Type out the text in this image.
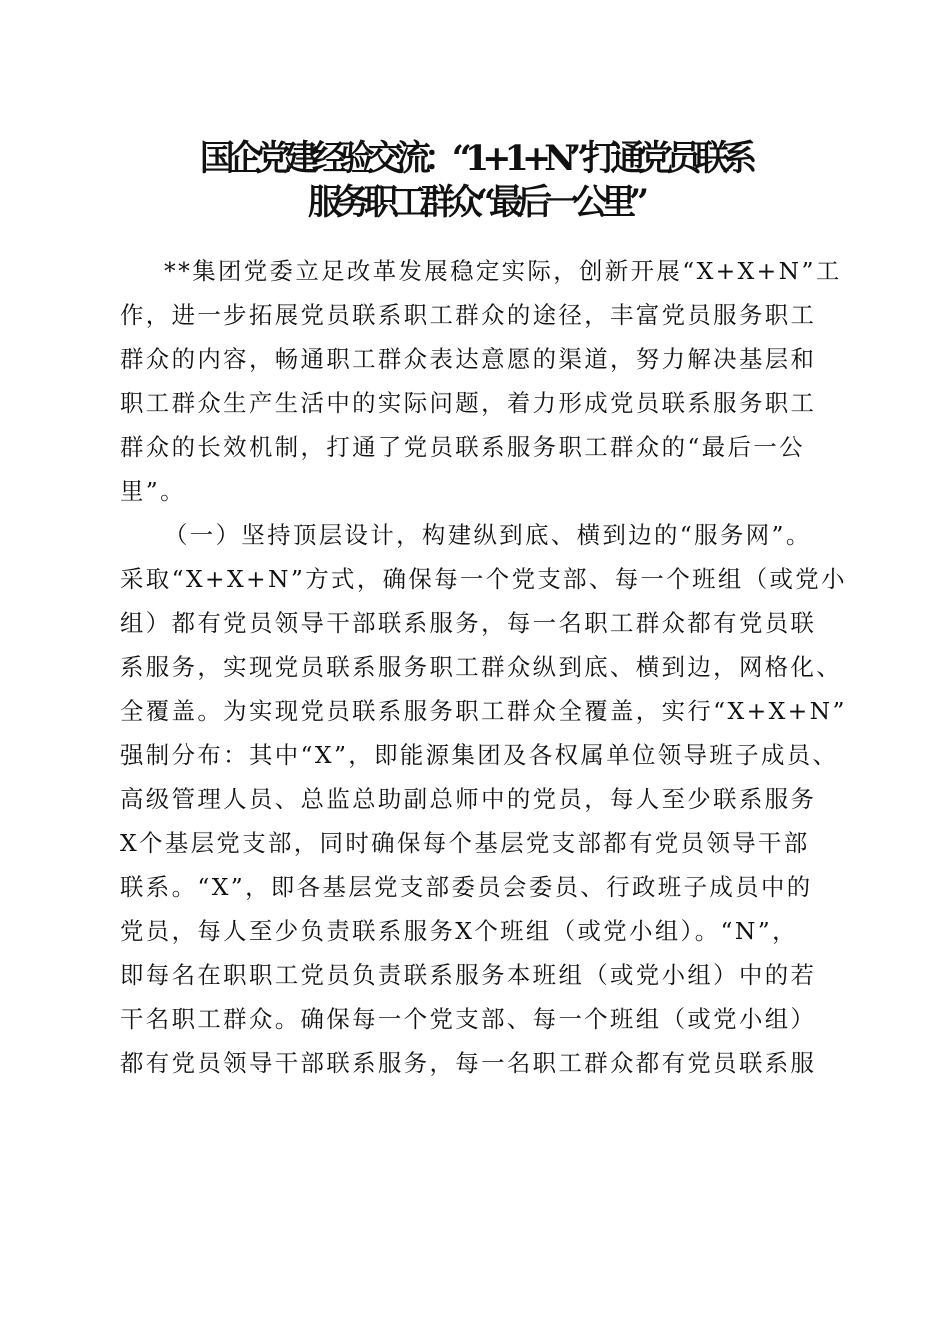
国企党建经验交流：“1+1+N”打通党员联系
服务职工群众“最后一公里”

**集团党委立足改革发展稳定实际，创新开展“X+X+N”工

作，进一步拓展党员联系职工群众的途径，丰富党员服务职工

群众的内容，畅通职工群众表达意愿的渠道，努力解决基层和

职工群众生产生活中的实际问题，着力形成党员联系服务职工

群众的长效机制，打通了党员联系服务职工群众的“最后一公

里”。

（一）坚持顶层设计，构建纵到底、横到边的“服务网”。

采取“X+X+N”方式，确保每一个党支部、每一个班组（或党小

组）都有党员领导干部联系服务，每一名职工群众都有党员联

系服务，实现党员联系服务职工群众纵到底、横到边，网格化、

全覆盖。为实现党员联系服务职工群众全覆盖，实行“X+X+N”

强制分布：其中“X”，即能源集团及各权属单位领导班子成员、

高级管理人员、总监总助副总师中的党员，每人至少联系服务

X个基层党支部，同时确保每个基层党支部都有党员领导干部

联系。“X”，即各基层党支部委员会委员、行政班子成员中的

党员，每人至少负责联系服务X个班组（或党小组）。“N”，

即每名在职职工党员负责联系服务本班组（或党小组）中的若

干名职工群众。确保每一个党支部、每一个班组（或党小组）

都有党员领导干部联系服务，每一名职工群众都有党员联系服
